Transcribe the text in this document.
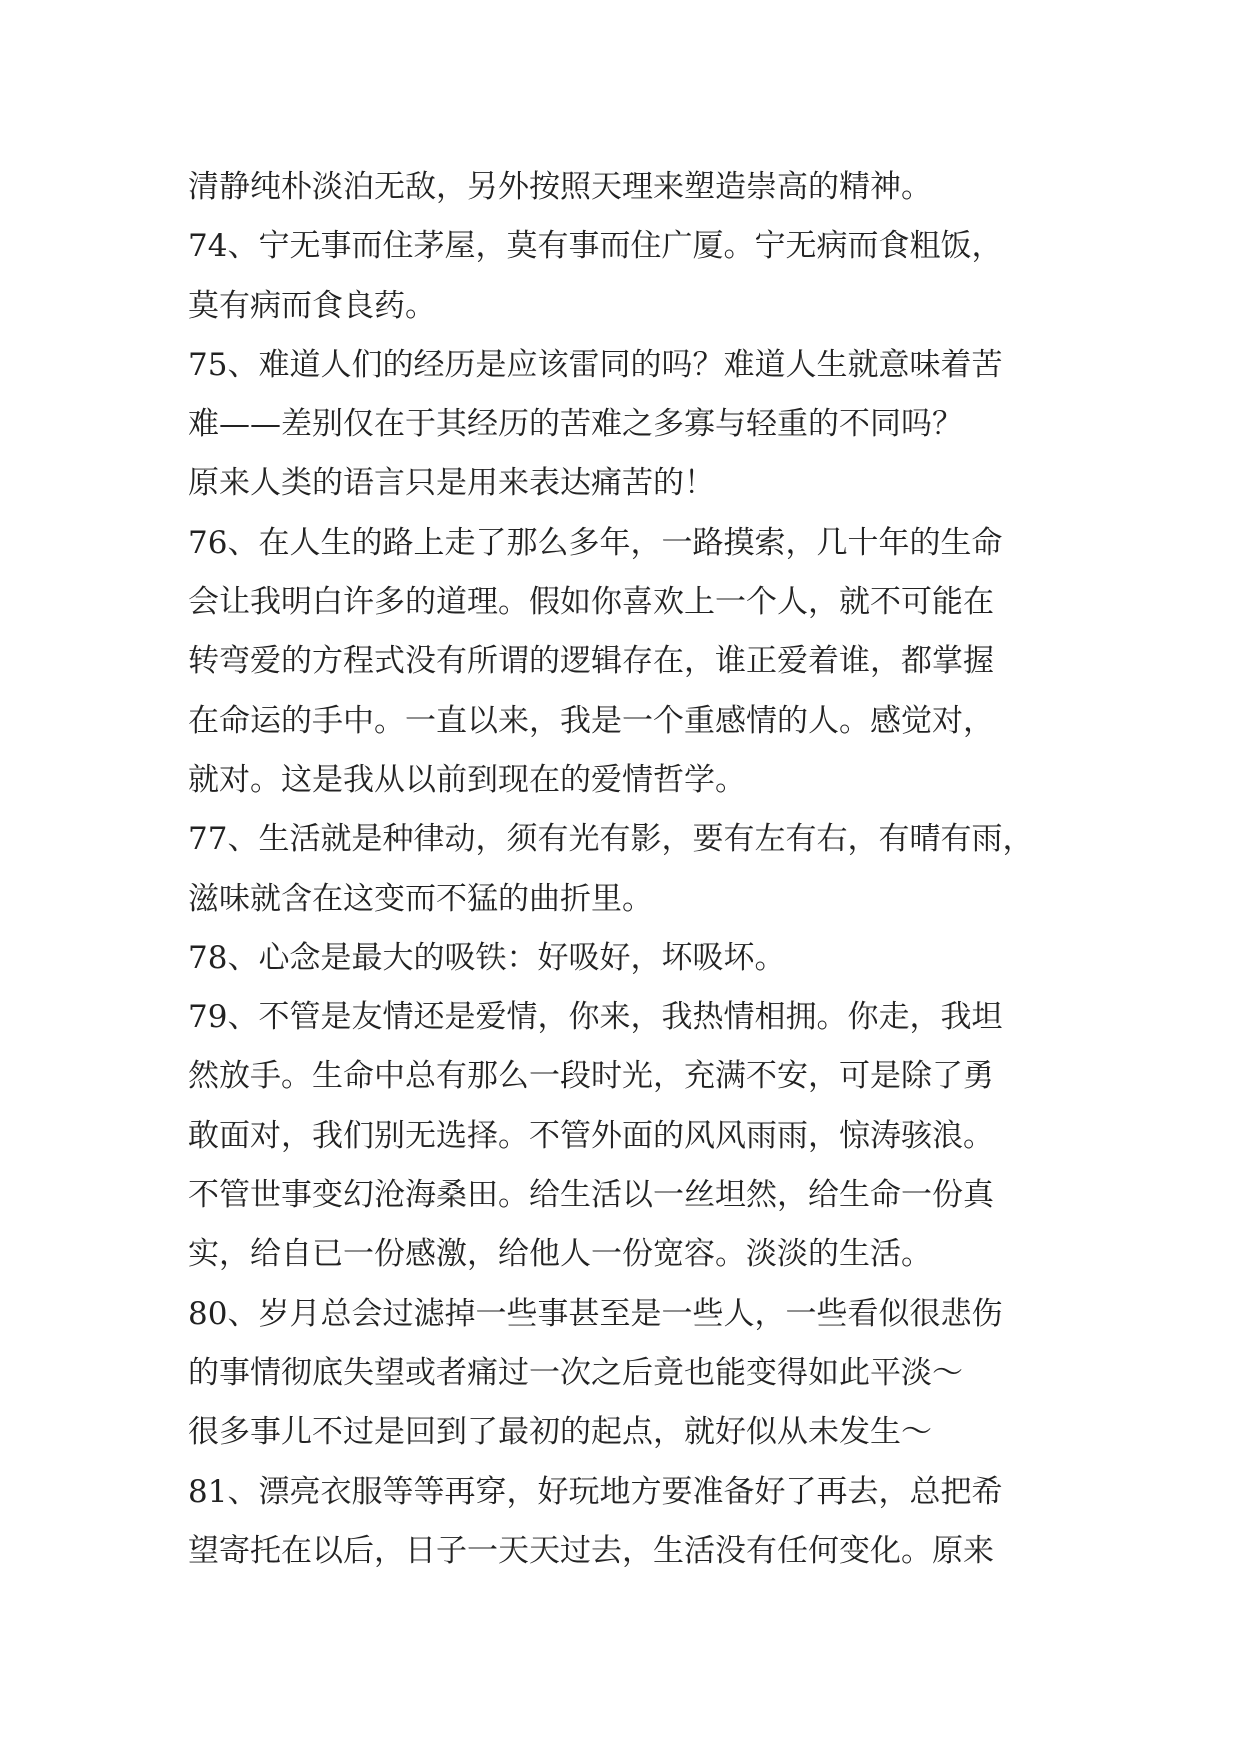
清静纯朴淡泊无敌，另外按照天理来塑造崇高的精神。
74、宁无事而住茅屋，莫有事而住广厦。宁无病而食粗饭，
莫有病而食良药。
75、难道人们的经历是应该雷同的吗？难道人生就意味着苦
难——差别仅在于其经历的苦难之多寡与轻重的不同吗？
原来人类的语言只是用来表达痛苦的！
76、在人生的路上走了那么多年，一路摸索，几十年的生命
会让我明白许多的道理。假如你喜欢上一个人，就不可能在
转弯爱的方程式没有所谓的逻辑存在，谁正爱着谁，都掌握
在命运的手中。一直以来，我是一个重感情的人。感觉对，
就对。这是我从以前到现在的爱情哲学。
77、生活就是种律动，须有光有影，要有左有右，有晴有雨，
滋味就含在这变而不猛的曲折里。
78、心念是最大的吸铁：好吸好，坏吸坏。
79、不管是友情还是爱情，你来，我热情相拥。你走，我坦
然放手。生命中总有那么一段时光，充满不安，可是除了勇
敢面对，我们别无选择。不管外面的风风雨雨，惊涛骇浪。
不管世事变幻沧海桑田。给生活以一丝坦然，给生命一份真
实，给自已一份感激，给他人一份宽容。淡淡的生活。
80、岁月总会过滤掉一些事甚至是一些人，一些看似很悲伤
的事情彻底失望或者痛过一次之后竟也能变得如此平淡～
很多事儿不过是回到了最初的起点，就好似从未发生～
81、漂亮衣服等等再穿，好玩地方要准备好了再去，总把希
望寄托在以后，日子一天天过去，生活没有任何变化。原来
